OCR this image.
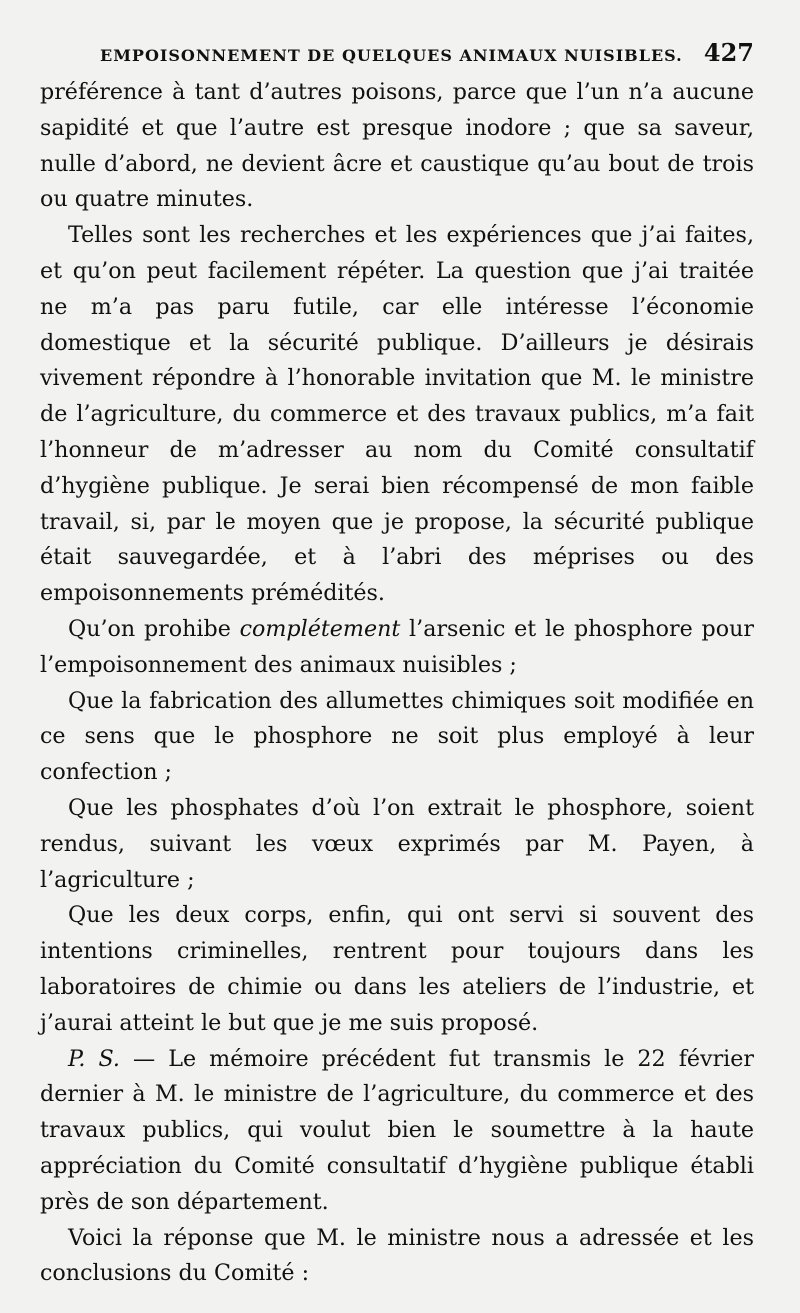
EMPOISONNEMENT DE QUELQUES ANIMAUX NUISIBLES. 427

préférence à tant d’autres poisons, parce que l’un n’a aucune sapidité et que l’autre est presque inodore ; que sa saveur, nulle d’abord, ne devient âcre et caustique qu’au bout de trois ou quatre minutes.

Telles sont les recherches et les expériences que j’ai faites, et qu’on peut facilement répéter. La question que j’ai traitée ne m’a pas paru futile, car elle intéresse l’économie domestique et la sécurité publique. D’ailleurs je désirais vivement répondre à l’honorable invitation que M. le ministre de l’agriculture, du commerce et des travaux publics, m’a fait l’honneur de m’adresser au nom du Comité consultatif d’hygiène publique. Je serai bien récompensé de mon faible travail, si, par le moyen que je propose, la sécurité publique était sauvegardée, et à l’abri des méprises ou des empoisonnements prémédités.

Qu’on prohibe complétement l’arsenic et le phosphore pour l’empoisonnement des animaux nuisibles ;

Que la fabrication des allumettes chimiques soit modifiée en ce sens que le phosphore ne soit plus employé à leur confection ;

Que les phosphates d’où l’on extrait le phosphore, soient rendus, suivant les vœux exprimés par M. Payen, à l’agriculture ;

Que les deux corps, enfin, qui ont servi si souvent des intentions criminelles, rentrent pour toujours dans les laboratoires de chimie ou dans les ateliers de l’industrie, et j’aurai atteint le but que je me suis proposé.

P. S. — Le mémoire précédent fut transmis le 22 février dernier à M. le ministre de l’agriculture, du commerce et des travaux publics, qui voulut bien le soumettre à la haute appréciation du Comité consultatif d’hygiène publique établi près de son département.

Voici la réponse que M. le ministre nous a adressée et les conclusions du Comité :
